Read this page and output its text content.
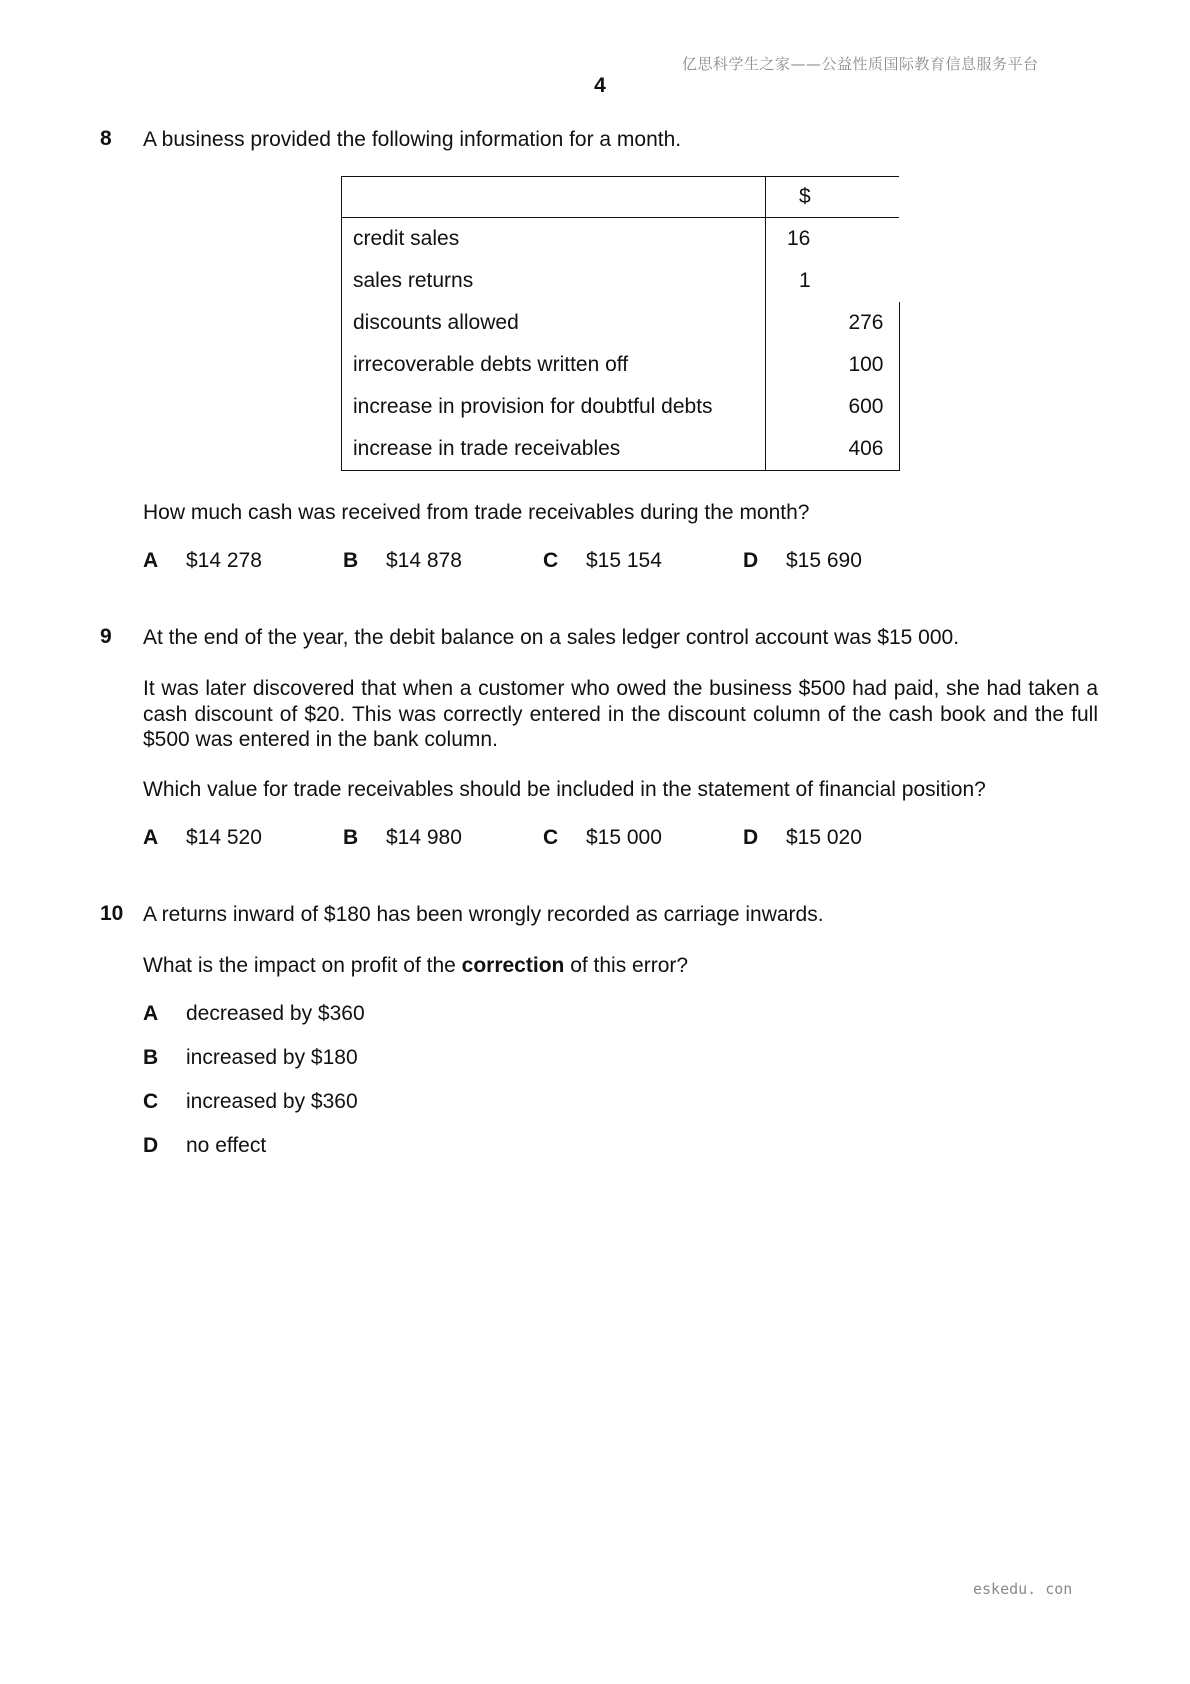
亿思科学生之家——公益性质国际教育信息服务平台
4
8 A business provided the following information for a month.
	$
credit sales	16
sales returns	1
discounts allowed	276
irrecoverable debts written off	100
increase in provision for doubtful debts	600
increase in trade receivables	406
How much cash was received from trade receivables during the month?
A $14 278	B $14 878	C $15 154	D $15 690
9 At the end of the year, the debit balance on a sales ledger control account was $15 000.
It was later discovered that when a customer who owed the business $500 had paid, she had taken a cash discount of $20. This was correctly entered in the discount column of the cash book and the full $500 was entered in the bank column.
Which value for trade receivables should be included in the statement of financial position?
A $14 520	B $14 980	C $15 000	D $15 020
10 A returns inward of $180 has been wrongly recorded as carriage inwards.
What is the impact on profit of the correction of this error?
A decreased by $360
B increased by $180
C increased by $360
D no effect
eskedu. con
